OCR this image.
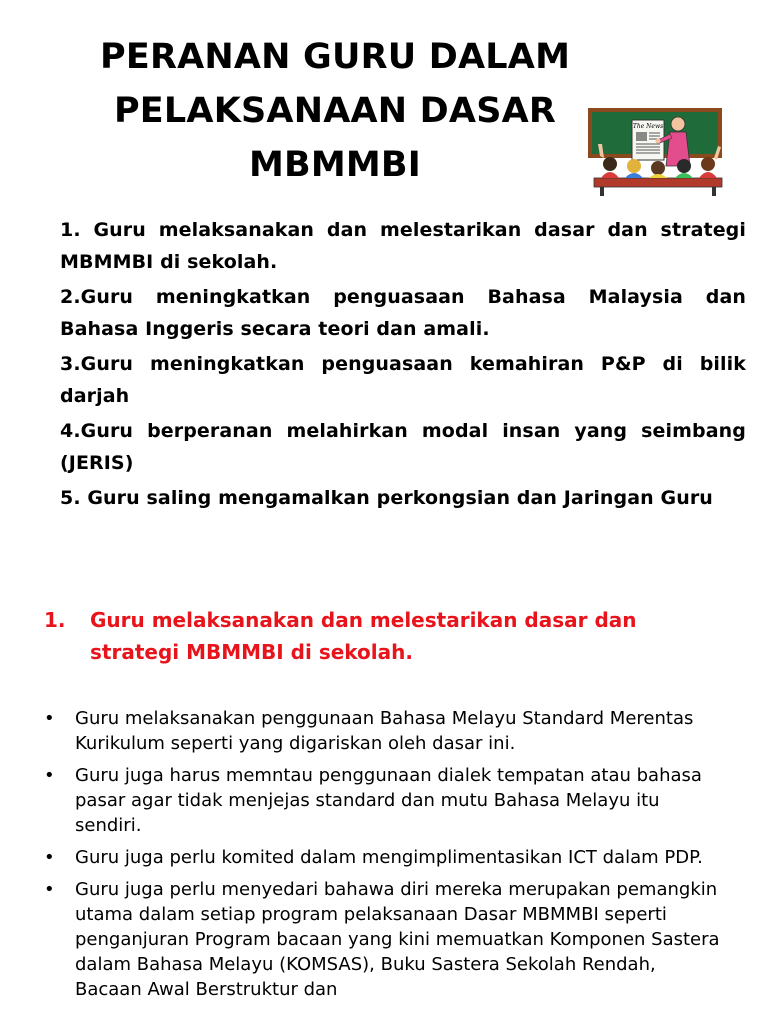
PERANAN GURU DALAM
PELAKSANAAN DASAR
MBMMBI
The News
1. Guru melaksanakan dan melestarikan dasar dan strategi MBMMBI di sekolah.
2.Guru meningkatkan penguasaan Bahasa Malaysia dan Bahasa Inggeris secara teori dan amali.
3.Guru meningkatkan penguasaan kemahiran P&P di bilik darjah
4.Guru berperanan melahirkan modal insan yang seimbang (JERIS)
5. Guru saling mengamalkan perkongsian dan Jaringan Guru
1.	Guru melaksanakan dan melestarikan dasar dan strategi MBMMBI di sekolah.
•	Guru melaksanakan penggunaan Bahasa Melayu Standard Merentas Kurikulum seperti yang digariskan oleh dasar ini.
•	Guru juga harus memntau penggunaan dialek tempatan atau bahasa pasar agar tidak menjejas standard dan mutu Bahasa Melayu itu sendiri.
•	Guru juga perlu komited dalam mengimplimentasikan ICT dalam PDP.
•	Guru juga perlu menyedari bahawa diri mereka merupakan pemangkin utama dalam setiap program pelaksanaan Dasar MBMMBI seperti penganjuran Program bacaan yang kini memuatkan Komponen Sastera dalam Bahasa Melayu (KOMSAS), Buku Sastera Sekolah Rendah, Bacaan Awal Berstruktur dan
